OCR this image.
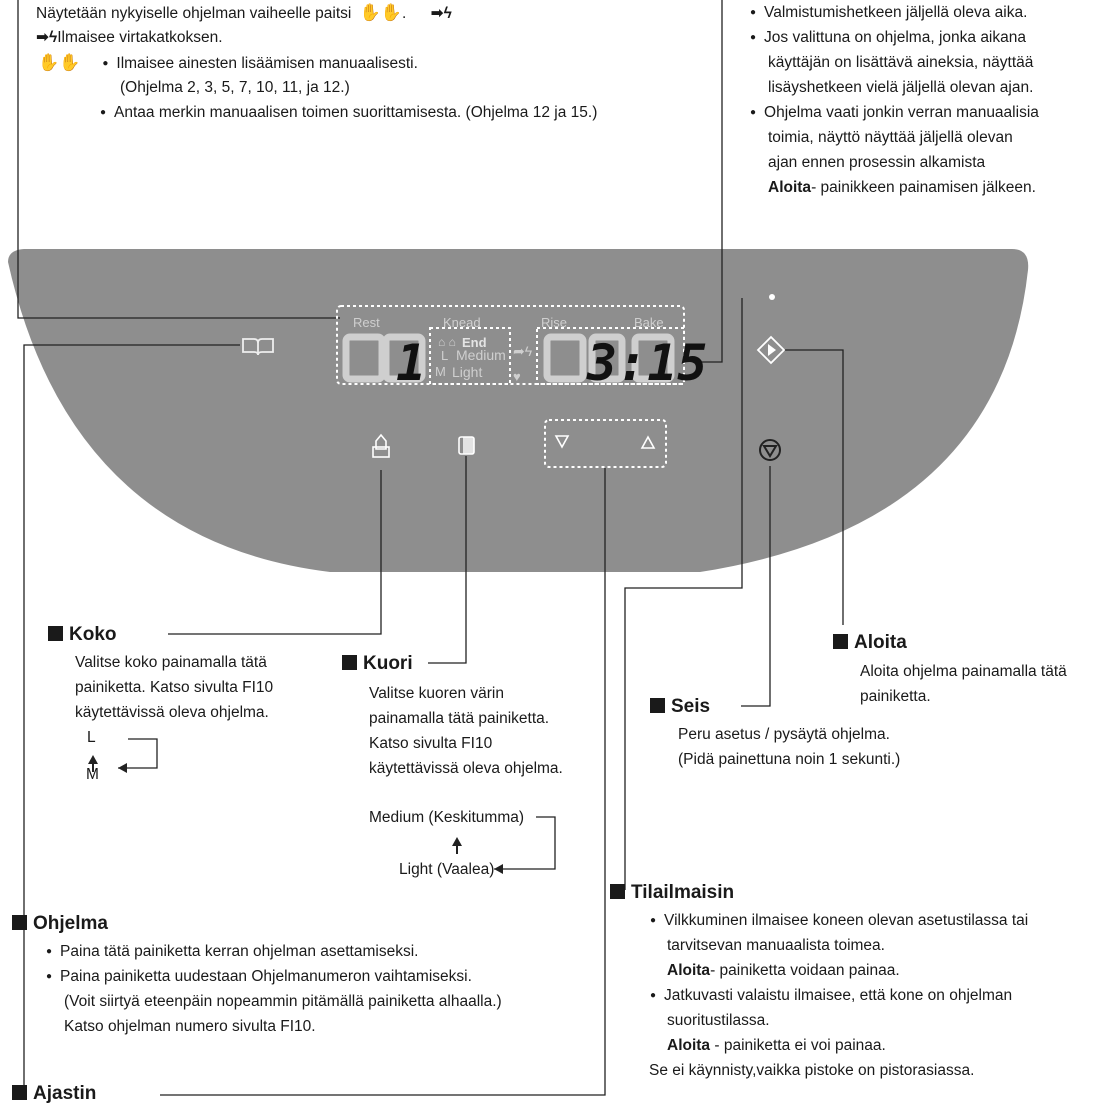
Rest	Knead	Rise	Bake
⌂ ⌂ End
L Medium
M Light
➦ϟ
♥
1	3:15
Näytetään nykyiselle ohjelman vaiheelle paitsi ✋✋. ➡ϟ
➡ϟIlmaisee virtakatkoksen.
✋✋● Ilmaisee ainesten lisäämisen manuaalisesti.
(Ohjelma 2, 3, 5, 7, 10, 11, ja 12.)
● Antaa merkin manuaalisen toimen suorittamisesta. (Ohjelma 12 ja 15.)
● Valmistumishetkeen jäljellä oleva aika.
● Jos valittuna on ohjelma, jonka aikana
käyttäjän on lisättävä aineksia, näyttää
lisäyshetkeen vielä jäljellä olevan ajan.
● Ohjelma vaati jonkin verran manuaalisia
toimia, näyttö näyttää jäljellä olevan
ajan ennen prosessin alkamista
Aloita- painikkeen painamisen jälkeen.
Koko
Valitse koko painamalla tätä
painiketta. Katso sivulta FI10
käytettävissä oleva ohjelma.
L
M
Kuori
Valitse kuoren värin
painamalla tätä painiketta.
Katso sivulta FI10
käytettävissä oleva ohjelma.
Medium (Keskitumma)
Light (Vaalea)
Aloita
Aloita ohjelma painamalla tätä
painiketta.
Seis
Peru asetus / pysäytä ohjelma.
(Pidä painettuna noin 1 sekunti.)
Tilailmaisin
● Vilkkuminen ilmaisee koneen olevan asetustilassa tai
tarvitsevan manuaalista toimea.
Aloita- painiketta voidaan painaa.
● Jatkuvasti valaistu ilmaisee, että kone on ohjelman
suoritustilassa.
Aloita - painiketta ei voi painaa.
Se ei käynnisty,vaikka pistoke on pistorasiassa.
Ohjelma
● Paina tätä painiketta kerran ohjelman asettamiseksi.
● Paina painiketta uudestaan Ohjelmanumeron vaihtamiseksi.
(Voit siirtyä eteenpäin nopeammin pitämällä painiketta alhaalla.)
Katso ohjelman numero sivulta FI10.
Ajastin
